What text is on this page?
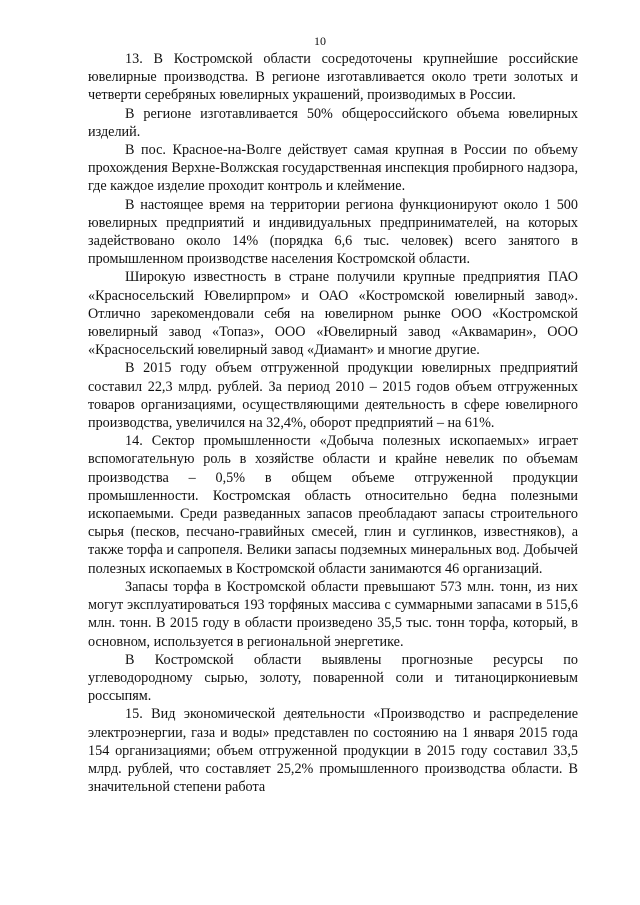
10

13. В Костромской области сосредоточены крупнейшие российские ювелирные производства. В регионе изготавливается около трети золотых и четверти серебряных ювелирных украшений, производимых в России.

В регионе изготавливается 50% общероссийского объема ювелирных изделий.

В пос. Красное-на-Волге действует самая крупная в России по объему прохождения Верхне-Волжская государственная инспекция пробирного надзора, где каждое изделие проходит контроль и клеймение.

В настоящее время на территории региона функционируют около 1 500 ювелирных предприятий и индивидуальных предпринимателей, на которых задействовано около 14% (порядка 6,6 тыс. человек) всего занятого в промышленном производстве населения Костромской области.

Широкую известность в стране получили крупные предприятия ПАО «Красносельский Ювелирпром» и ОАО «Костромской ювелирный завод». Отлично зарекомендовали себя на ювелирном рынке ООО «Костромской ювелирный завод «Топаз», ООО «Ювелирный завод «Аквамарин», ООО «Красносельский ювелирный завод «Диамант» и многие другие.

В 2015 году объем отгруженной продукции ювелирных предприятий составил 22,3 млрд. рублей. За период 2010 – 2015 годов объем отгруженных товаров организациями, осуществляющими деятельность в сфере ювелирного производства, увеличился на 32,4%, оборот предприятий – на 61%.

14. Сектор промышленности «Добыча полезных ископаемых» играет вспомогательную роль в хозяйстве области и крайне невелик по объемам производства – 0,5% в общем объеме отгруженной продукции промышленности. Костромская область относительно бедна полезными ископаемыми. Среди разведанных запасов преобладают запасы строительного сырья (песков, песчано-гравийных смесей, глин и суглинков, известняков), а также торфа и сапропеля. Велики запасы подземных минеральных вод. Добычей полезных ископаемых в Костромской области занимаются 46 организаций.

Запасы торфа в Костромской области превышают 573 млн. тонн, из них могут эксплуатироваться 193 торфяных массива с суммарными запасами в 515,6 млн. тонн. В 2015 году в области произведено 35,5 тыс. тонн торфа, который, в основном, используется в региональной энергетике.

В Костромской области выявлены прогнозные ресурсы по углеводородному сырью, золоту, поваренной соли и титаноциркониевым россыпям.

15. Вид экономической деятельности «Производство и распределение электроэнергии, газа и воды» представлен по состоянию на 1 января 2015 года 154 организациями; объем отгруженной продукции в 2015 году составил 33,5 млрд. рублей, что составляет 25,2% промышленного производства области. В значительной степени работа
